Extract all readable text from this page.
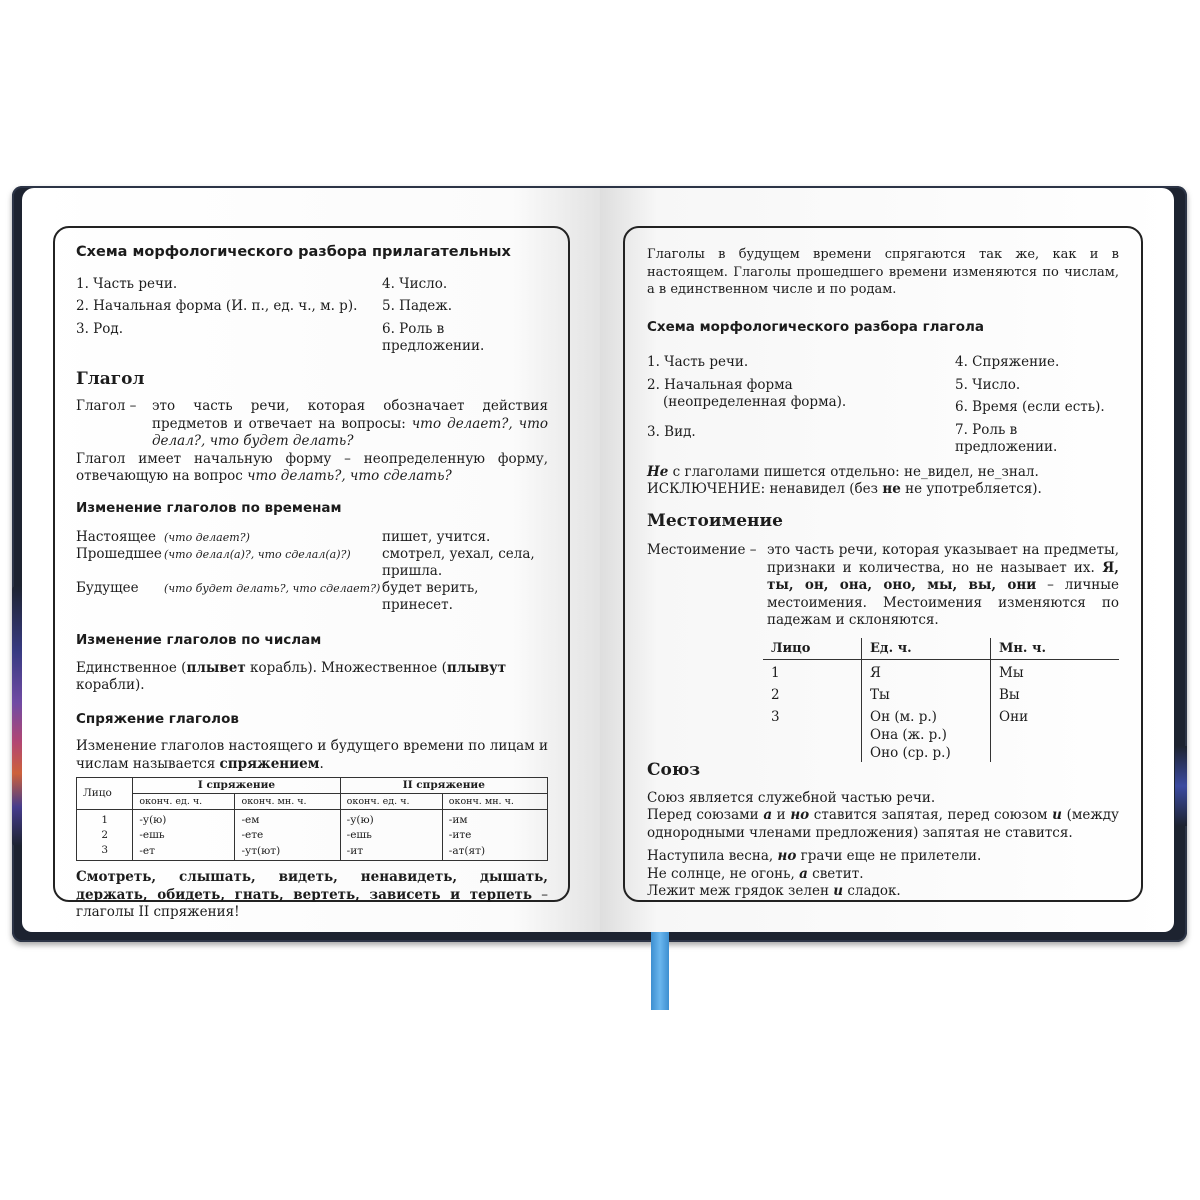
Схема морфологического разбора прилагательных
1. Часть речи.
2. Начальная форма (И. п., ед. ч., м. р).
3. Род.
4. Число.
5. Падеж.
6. Роль в предложении.
Глагол
Глагол –	это часть речи, которая обозначает действия предметов и отвечает на вопросы: что делает?, что делал?, что будет делать?

Глагол имеет начальную форму – неопределенную форму, отвечающую на вопрос что делать?, что сделать?

Изменение глаголов по временам
Настоящее	(что делает?)	пишет, учится.
Прошедшее	(что делал(а)?, что сделал(а)?)	смотрел, уехал, села, пришла.
Будущее	(что будет делать?, что сделает?)	будет верить, принесет.
Изменение глаголов по числам

Единственное (плывет корабль). Множественное (плывут корабли).

Спряжение глаголов

Изменение глаголов настоящего и будущего времени по лицам и числам называется спряжением.

Лицо	I спряжение		II спряжение	
	оконч. ед. ч.	оконч. мн. ч.	оконч. ед. ч.	оконч. мн. ч.
1	-у(ю)	-ем	-у(ю)	-им
2	-ешь	-ете	-ешь	-ите
3	-ет	-ут(ют)	-ит	-ат(ят)

Смотреть, слышать, видеть, ненавидеть, дышать, держать, обидеть, гнать, вертеть, зависеть и терпеть – глаголы II спряжения!

Глаголы в будущем времени спрягаются так же, как и в настоящем. Глаголы прошедшего времени изменяются по числам, а в единственном числе и по родам.

Схема морфологического разбора глагола
1. Часть речи.
2. Начальная форма
(неопределенная форма).
3. Вид.
4. Спряжение.
5. Число.
6. Время (если есть).
7. Роль в предложении.

Не с глаголами пишется отдельно: не_видел, не_знал.

ИСКЛЮЧЕНИЕ: ненавидел (без не не употребляется).

Местоимение
Местоимение – это часть речи, которая указывает на предметы, признаки и количества, но не называет их. Я, ты, он, она, оно, мы, вы, они – личные местоимения. Местоимения изменяются по падежам и склоняются.
Лицо	Ед. ч.	Мн. ч.
1	Я	Мы
2	Ты	Вы
3	Он (м. р.)
Она (ж. р.)
Оно (ср. р.)	Они
Союз

Союз является служебной частью речи.

Перед союзами а и но ставится запятая, перед союзом и (между однородными членами предложения) запятая не ставится.

Наступила весна, но грачи еще не прилетели.

Не солнце, не огонь, а светит.

Лежит меж грядок зелен и сладок.
